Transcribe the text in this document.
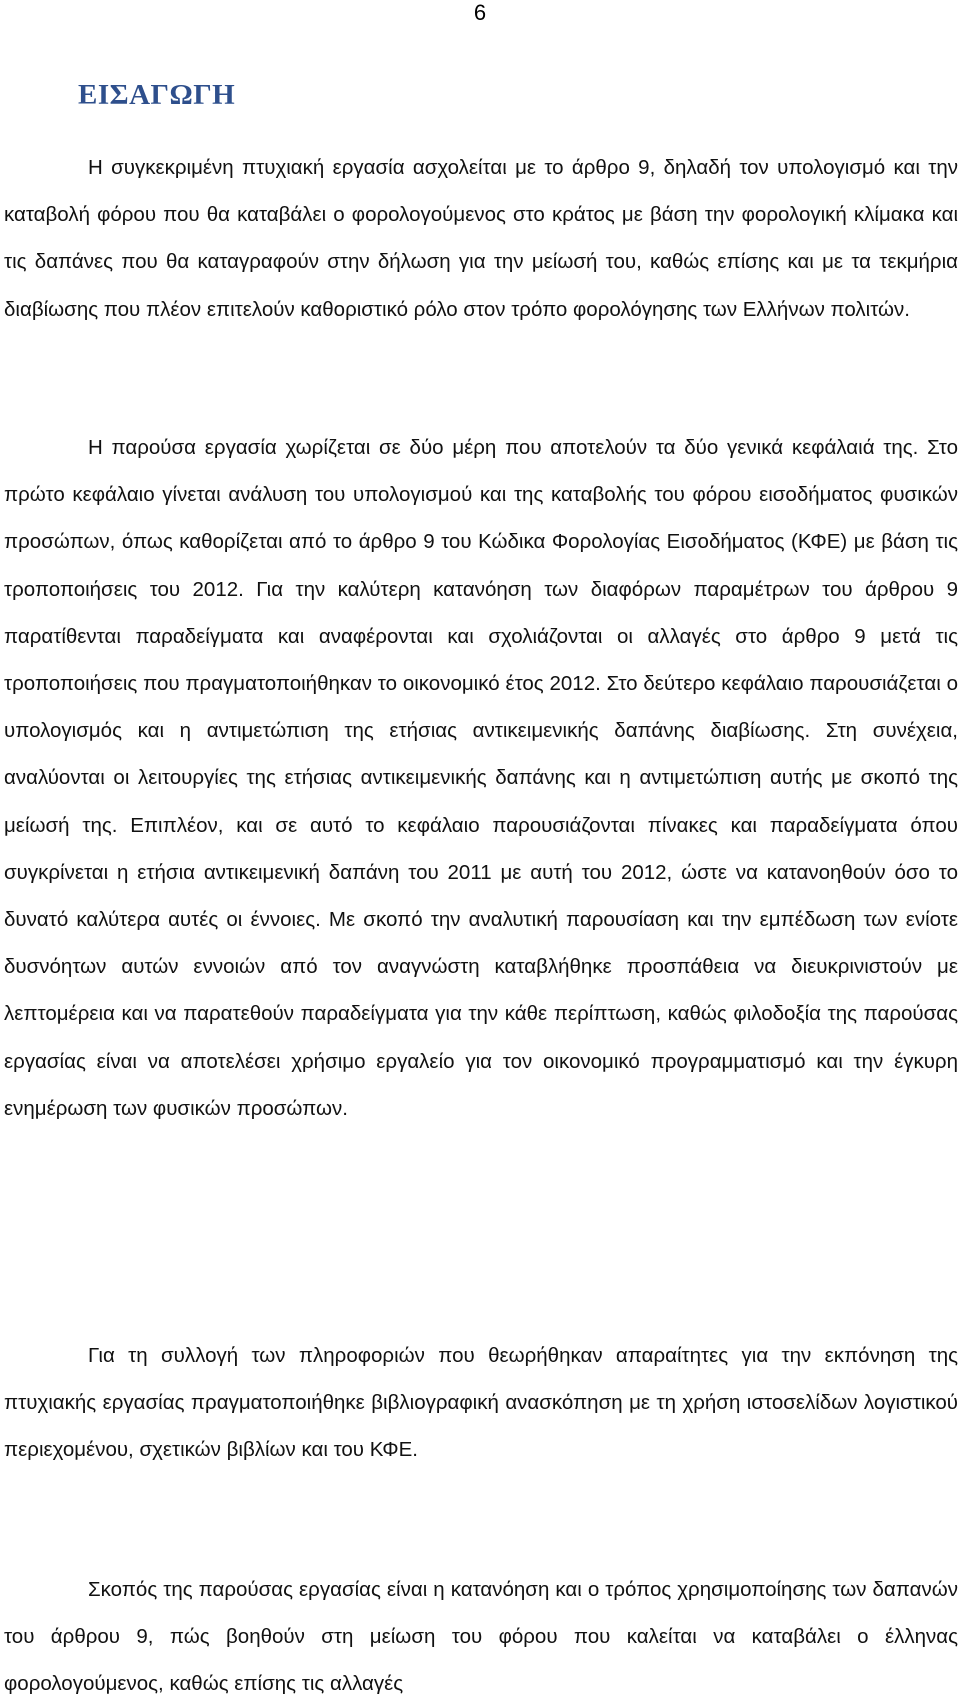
6
ΕΙΣΑΓΩΓΗ

Η συγκεκριμένη πτυχιακή εργασία ασχολείται με το άρθρο 9, δηλαδή τον υπολογισμό και την καταβολή φόρου που θα καταβάλει ο φορολογούμενος στο κράτος με βάση την φορολογική κλίμακα και τις δαπάνες που θα καταγραφούν στην δήλωση για την μείωσή του, καθώς επίσης και με τα τεκμήρια διαβίωσης που πλέον επιτελούν καθοριστικό ρόλο στον τρόπο φορολόγησης των Ελλήνων πολιτών.

Η παρούσα εργασία χωρίζεται σε δύο μέρη που αποτελούν τα δύο γενικά κεφάλαιά της. Στο πρώτο κεφάλαιο γίνεται ανάλυση του υπολογισμού και της καταβολής του φόρου εισοδήματος φυσικών προσώπων, όπως καθορίζεται από το άρθρο 9 του Κώδικα Φορολογίας Εισοδήματος (ΚΦΕ) με βάση τις τροποποιήσεις του 2012. Για την καλύτερη κατανόηση των διαφόρων παραμέτρων του άρθρου 9 παρατίθενται παραδείγματα και αναφέρονται και σχολιάζονται οι αλλαγές στο άρθρο 9 μετά τις τροποποιήσεις που πραγματοποιήθηκαν το οικονομικό έτος 2012. Στο δεύτερο κεφάλαιο παρουσιάζεται ο υπολογισμός και η αντιμετώπιση της ετήσιας αντικειμενικής δαπάνης διαβίωσης. Στη συνέχεια, αναλύονται οι λειτουργίες της ετήσιας αντικειμενικής δαπάνης και η αντιμετώπιση αυτής με σκοπό της μείωσή της. Επιπλέον, και σε αυτό το κεφάλαιο παρουσιάζονται πίνακες και παραδείγματα όπου συγκρίνεται η ετήσια αντικειμενική δαπάνη του 2011 με αυτή του 2012, ώστε να κατανοηθούν όσο το δυνατό καλύτερα αυτές οι έννοιες. Με σκοπό την αναλυτική παρουσίαση και την εμπέδωση των ενίοτε δυσνόητων αυτών εννοιών από τον αναγνώστη καταβλήθηκε προσπάθεια να διευκρινιστούν με λεπτομέρεια και να παρατεθούν παραδείγματα για την κάθε περίπτωση, καθώς φιλοδοξία της παρούσας εργασίας είναι να αποτελέσει χρήσιμο εργαλείο για τον οικονομικό προγραμματισμό και την έγκυρη ενημέρωση των φυσικών προσώπων.

Για τη συλλογή των πληροφοριών που θεωρήθηκαν απαραίτητες για την εκπόνηση της πτυχιακής εργασίας πραγματοποιήθηκε βιβλιογραφική ανασκόπηση με τη χρήση ιστοσελίδων λογιστικού περιεχομένου, σχετικών βιβλίων και του ΚΦΕ.

Σκοπός της παρούσας εργασίας είναι η κατανόηση και ο τρόπος χρησιμοποίησης των δαπανών του άρθρου 9, πώς βοηθούν στη μείωση του φόρου που καλείται να καταβάλει ο έλληνας φορολογούμενος, καθώς επίσης τις αλλαγές
